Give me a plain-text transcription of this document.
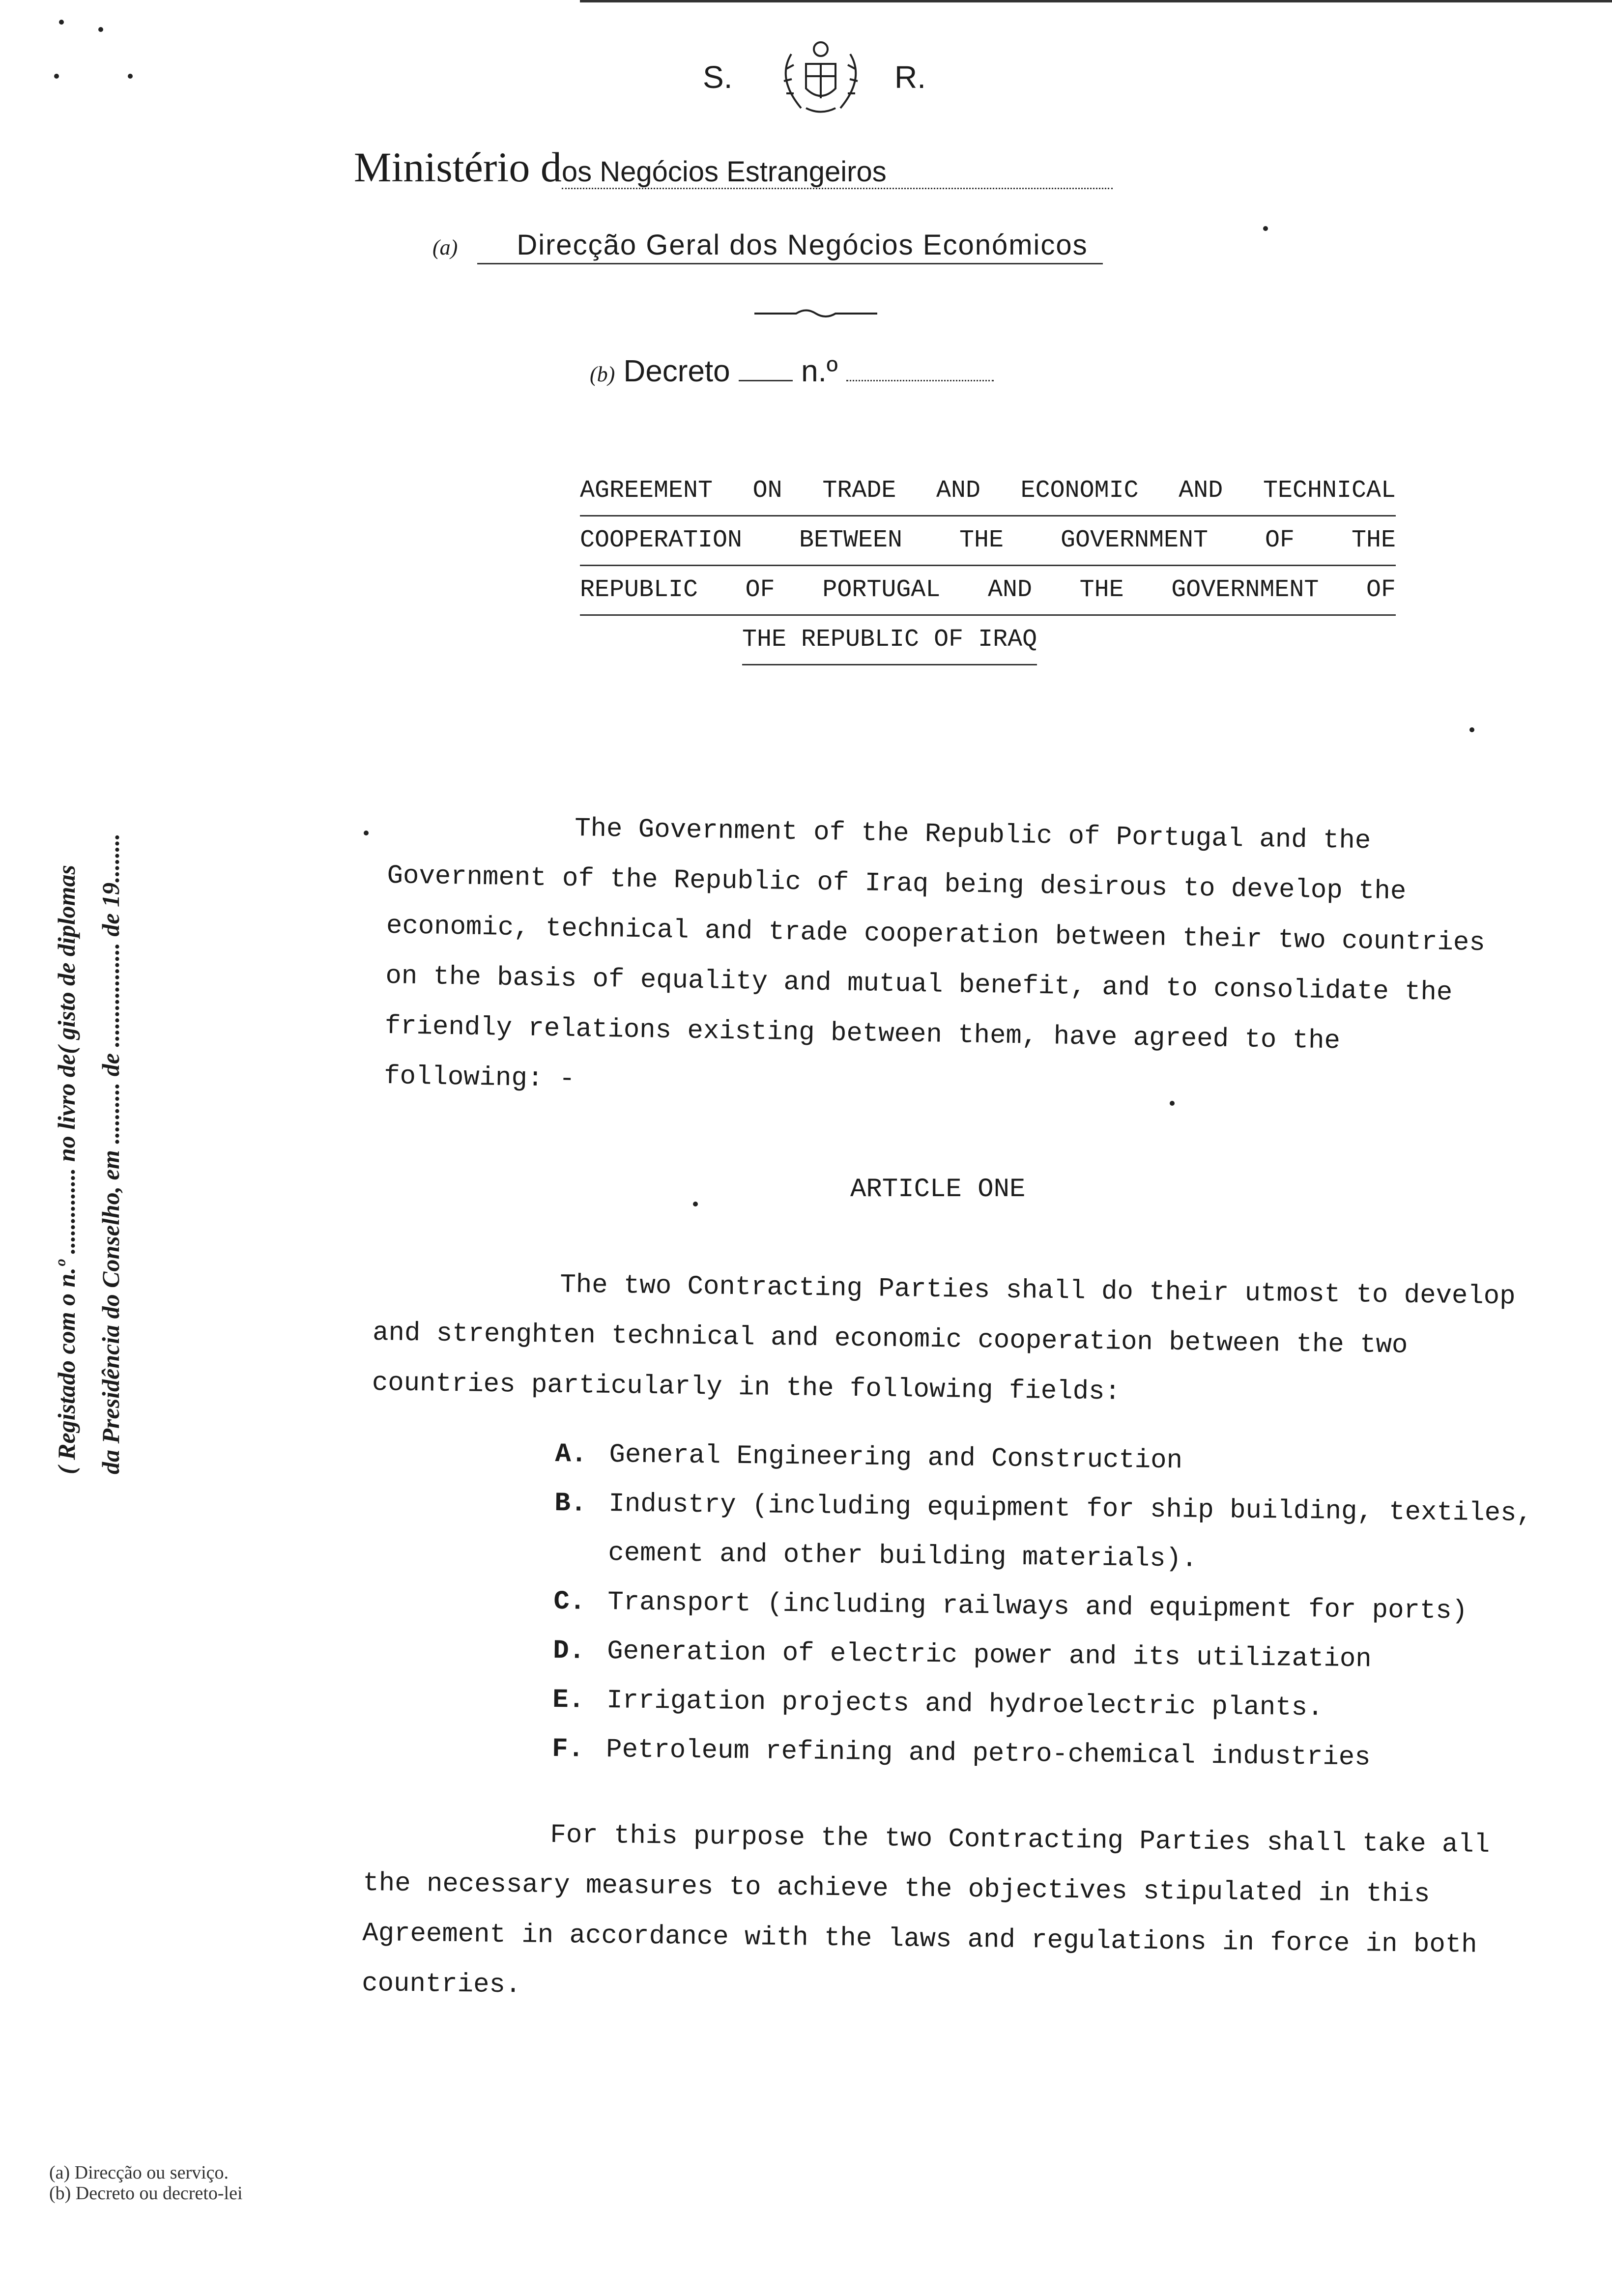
S.	R.
Ministério dos Negócios Estrangeiros
(a) Direcção Geral dos Negócios Económicos
(b) Decreto n.º
AGREEMENT ON TRADE AND ECONOMIC AND TECHNICAL
COOPERATION BETWEEN THE GOVERNMENT OF THE
REPUBLIC OF PORTUGAL AND THE GOVERNMENT OF
THE REPUBLIC OF IRAQ

The Government of the Republic of Portugal and the Government of the Republic of Iraq being desirous to develop the economic, technical and trade cooperation between their two countries on the basis of equality and mutual benefit, and to consolidate the friendly relations existing between them, have agreed to the following: -

ARTICLE ONE

The two Contracting Parties shall do their utmost to develop and strenghten technical and economic cooperation between the two countries particularly in the following fields:

A. General Engineering and Construction
B. Industry (including equipment for ship building, textiles, cement and other building materials).
C. Transport (including railways and equipment for ports)
D. Generation of electric power and its utilization
E. Irrigation projects and hydroelectric plants.
F. Petroleum refining and petro-chemical industries

For this purpose the two Contracting Parties shall take all the necessary measures to achieve the objectives stipulated in this Agreement in accordance with the laws and regulations in force in both countries.

( Registado com o n.º .............. no livro de( gisto de diplomas da Presidência do Conselho, em .......... de ................. de 19........
(a) Direcção ou serviço.
(b) Decreto ou decreto-lei
